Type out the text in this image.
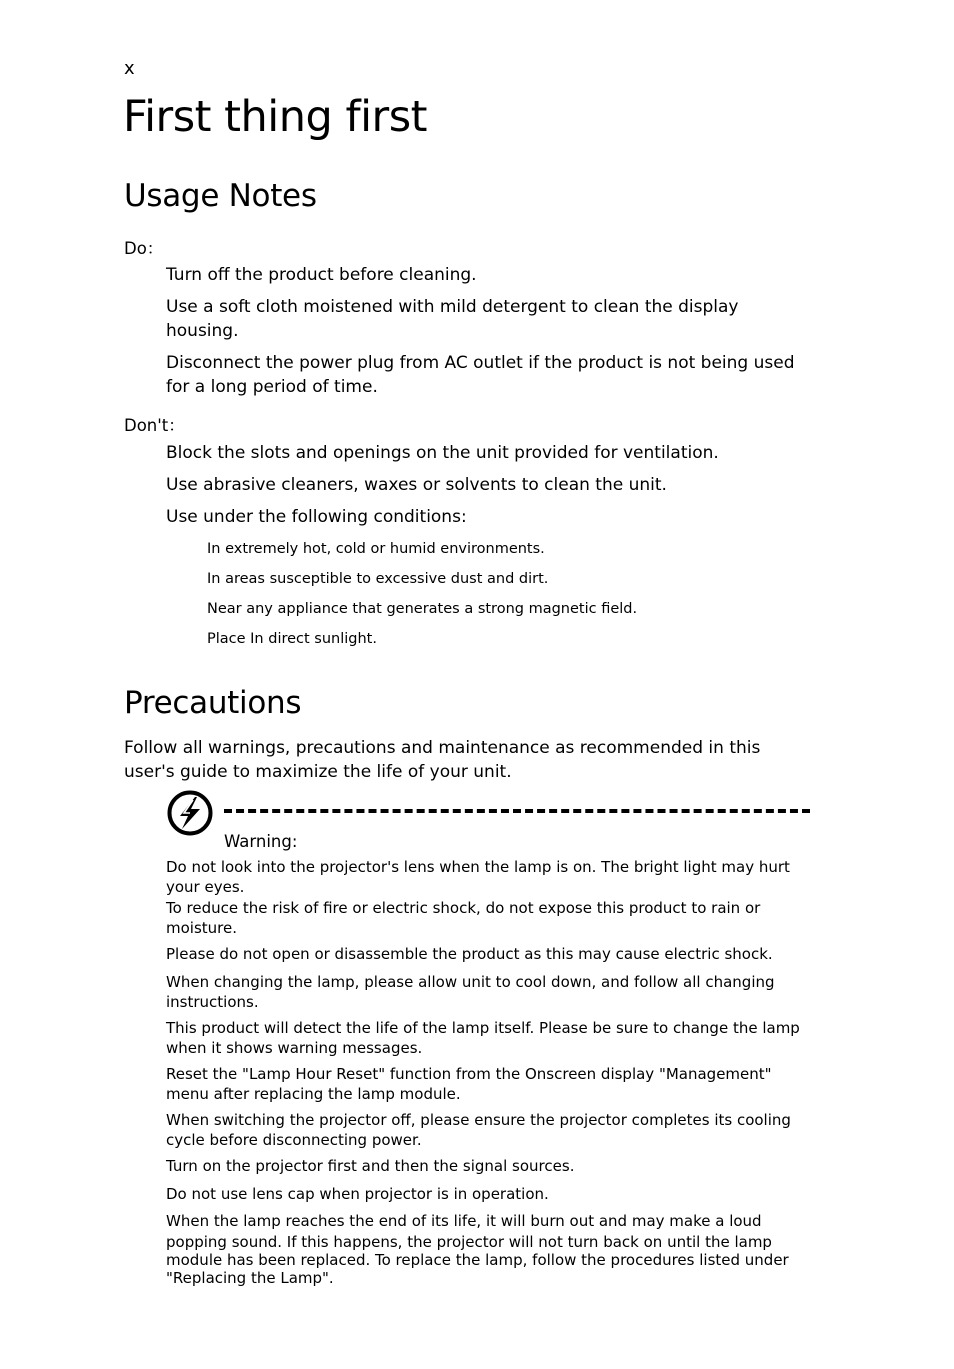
x
First thing first
Usage Notes
Do：
Turn off the product before cleaning.
Use a soft cloth moistened with mild detergent to clean the display
housing.
Disconnect the power plug from AC outlet if the product is not being used
for a long period of time.
Don't：
Block the slots and openings on the unit provided for ventilation.
Use abrasive cleaners, waxes or solvents to clean the unit.
Use under the following conditions:
In extremely hot, cold or humid environments.
In areas susceptible to excessive dust and dirt.
Near any appliance that generates a strong magnetic field.
Place In direct sunlight.
Precautions
Follow all warnings, precautions and maintenance as recommended in this
user's guide to maximize the life of your unit.
Warning:
Do not look into the projector's lens when the lamp is on. The bright light may hurt
your eyes.
To reduce the risk of fire or electric shock, do not expose this product to rain or
moisture.
Please do not open or disassemble the product as this may cause electric shock.
When changing the lamp, please allow unit to cool down, and follow all changing
instructions.
This product will detect the life of the lamp itself. Please be sure to change the lamp
when it shows warning messages.
Reset the "Lamp Hour Reset" function from the Onscreen display "Management"
menu after replacing the lamp module.
When switching the projector off, please ensure the projector completes its cooling
cycle before disconnecting power.
Turn on the projector first and then the signal sources.
Do not use lens cap when projector is in operation.
When the lamp reaches the end of its life, it will burn out and may make a loud
popping sound. If this happens, the projector will not turn back on until the lamp
module has been replaced. To replace the lamp, follow the procedures listed under
"Replacing the Lamp".
